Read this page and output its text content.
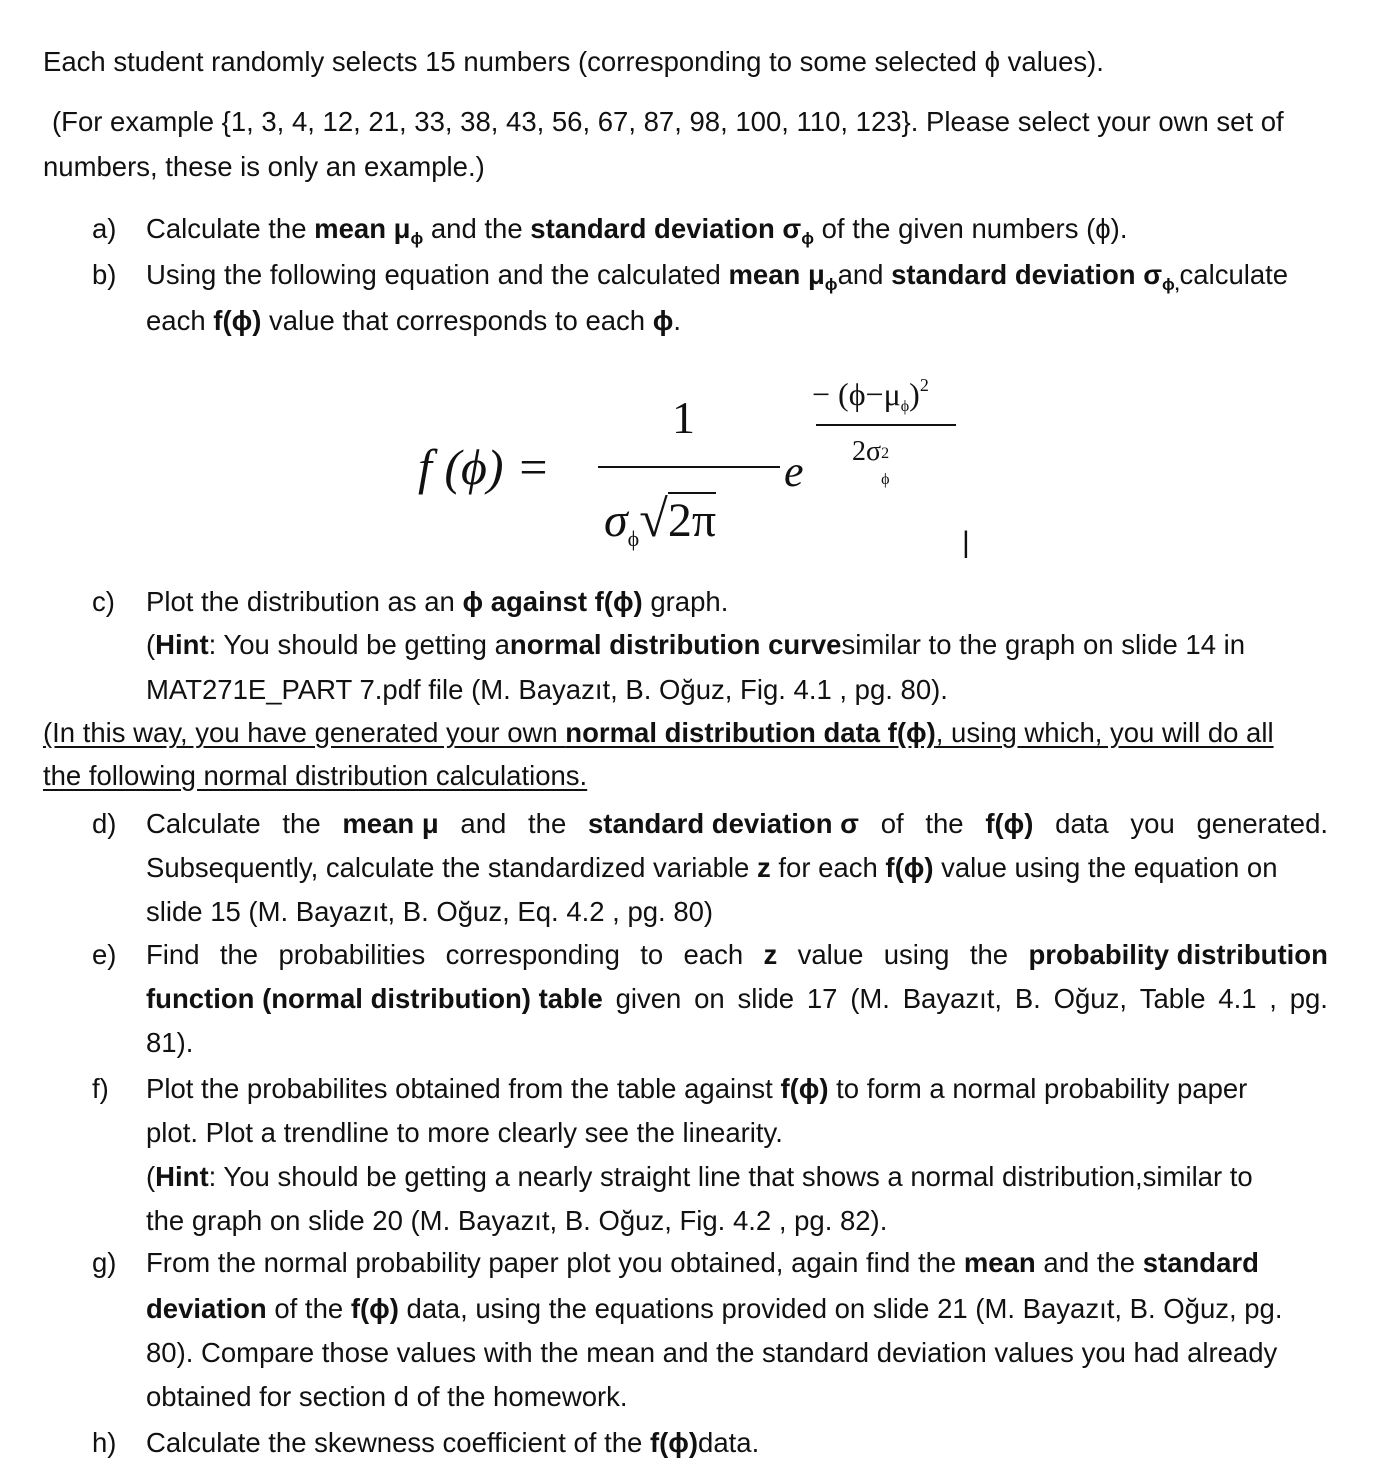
Each student randomly selects 15 numbers (corresponding to some selected ϕ values).
(For example {1, 3, 4, 12, 21, 33, 38, 43, 56, 67, 87, 98, 100, 110, 123}. Please select your own set of
numbers, these is only an example.)
a) Calculate the mean $\mu_\phi$ and the standard deviation $\sigma_\phi$ of the given numbers (ϕ).
b) Using the following equation and the calculated mean $\mu_\phi and$ standard deviation $\sigma_{\phi,}calculate$
each f(ϕ) value that corresponds to each ϕ.
f (ϕ) =
1
$\sigma_\phi√2\pi$
e
− $(\phi-\mu\phi)^2$
2σ 2
ϕ
|
c) Plot the distribution as an ϕ against f(ϕ) graph.
(Hint: You should be getting anormal distribution curvesimilar to the graph on slide 14 in
MAT271E_PART 7.pdf file (M. Bayazıt, B. Oğuz, Fig. 4.1 , pg. 80).
(In this way, you have generated your own normal distribution data f(ϕ), using which, you will do all
the following normal distribution calculations.
d) Calculate the mean μ and the standard deviation σ of the f(ϕ) data you generated.
Subsequently, calculate the standardized variable z for each f(ϕ) value using the equation on
slide 15 (M. Bayazıt, B. Oğuz, Eq. 4.2 , pg. 80)
e) Find the probabilities corresponding to each z value using the probability distribution
function (normal distribution) table given on slide 17 (M. Bayazıt, B. Oğuz, Table 4.1 , pg.
81).
f) Plot the probabilites obtained from the table against f(ϕ) to form a normal probability paper
plot. Plot a trendline to more clearly see the linearity.
(Hint: You should be getting a nearly straight line that shows a normal distribution,similar to
the graph on slide 20 (M. Bayazıt, B. Oğuz, Fig. 4.2 , pg. 82).
g) From the normal probability paper plot you obtained, again find the mean and the standard
deviation of the f(ϕ) data, using the equations provided on slide 21 (M. Bayazıt, B. Oğuz, pg.
80). Compare those values with the mean and the standard deviation values you had already
obtained for section d of the homework.
h) Calculate the skewness coefficient of the f(ϕ)data.
